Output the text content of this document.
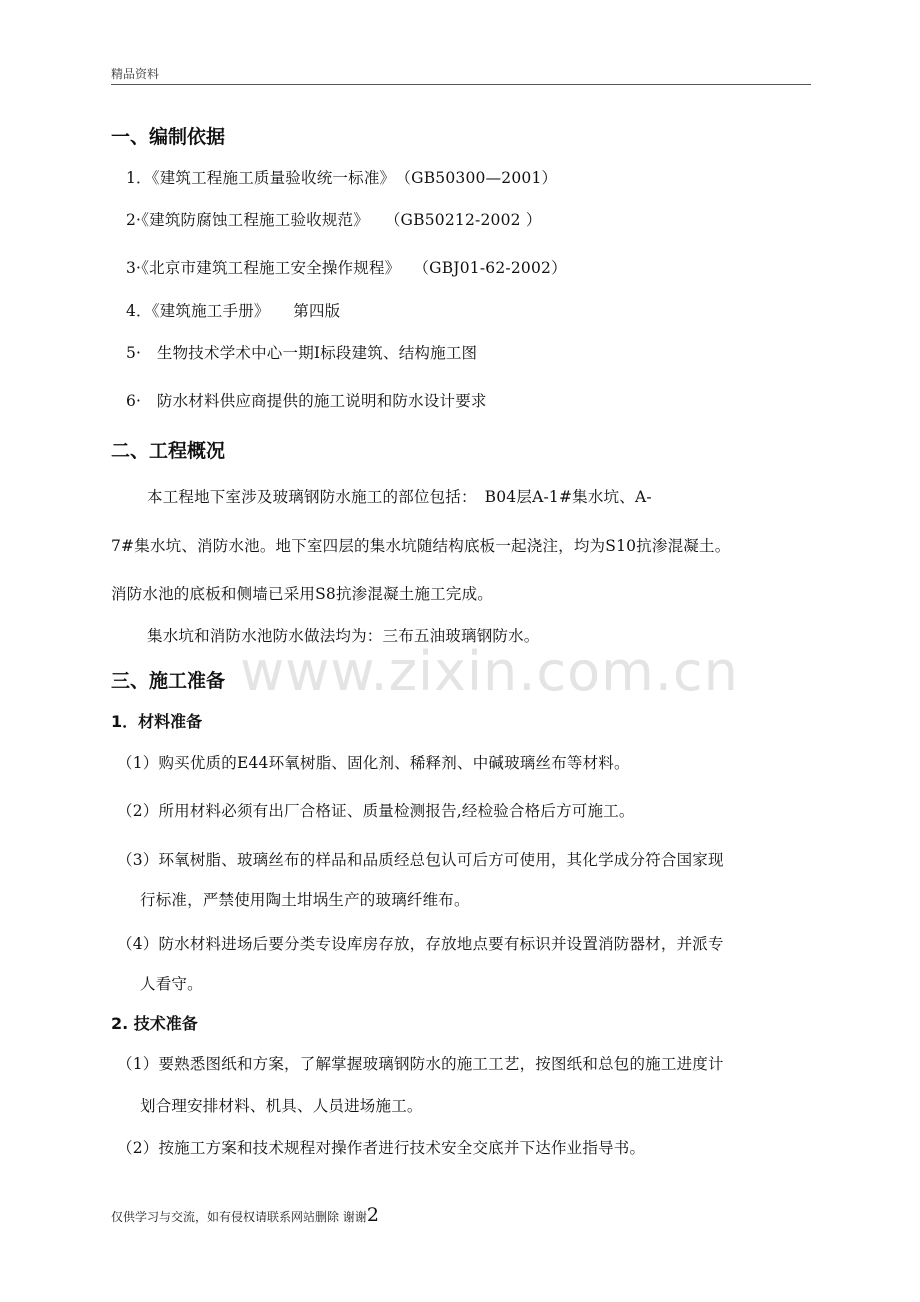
精品资料
www.zixin.com.cn
一、编制依据
1．《建筑工程施工质量验收统一标准》　（GB50300—2001）
2·《建筑防腐蚀工程施工验收规范》　　（GB50212-2002 ）
3·《北京市建筑工程施工安全操作规程》　 （GBJ01-62-2002）
4．《建筑施工手册》　　第四版
5·　生物技术学术中心一期I标段建筑、结构施工图
6·　防水材料供应商提供的施工说明和防水设计要求
二、工程概况
本工程地下室涉及玻璃钢防水施工的部位包括：　B04层A-1#集水坑、A-
7#集水坑、消防水池。地下室四层的集水坑随结构底板一起浇注，均为S10抗渗混凝土。
消防水池的底板和侧墙已采用S8抗渗混凝土施工完成。
集水坑和消防水池防水做法均为：三布五油玻璃钢防水。
三、施工准备
1．材料准备
（1）购买优质的E44环氧树脂、固化剂、稀释剂、中碱玻璃丝布等材料。
（2）所用材料必须有出厂合格证、质量检测报告,经检验合格后方可施工。
（3）环氧树脂、玻璃丝布的样品和品质经总包认可后方可使用，其化学成分符合国家现
行标准，严禁使用陶土坩埚生产的玻璃纤维布。
（4）防水材料进场后要分类专设库房存放，存放地点要有标识并设置消防器材，并派专
人看守。
2. 技术准备
（1）要熟悉图纸和方案，了解掌握玻璃钢防水的施工工艺，按图纸和总包的施工进度计
划合理安排材料、机具、人员进场施工。
（2）按施工方案和技术规程对操作者进行技术安全交底并下达作业指导书。
仅供学习与交流，如有侵权请联系网站删除 谢谢2
